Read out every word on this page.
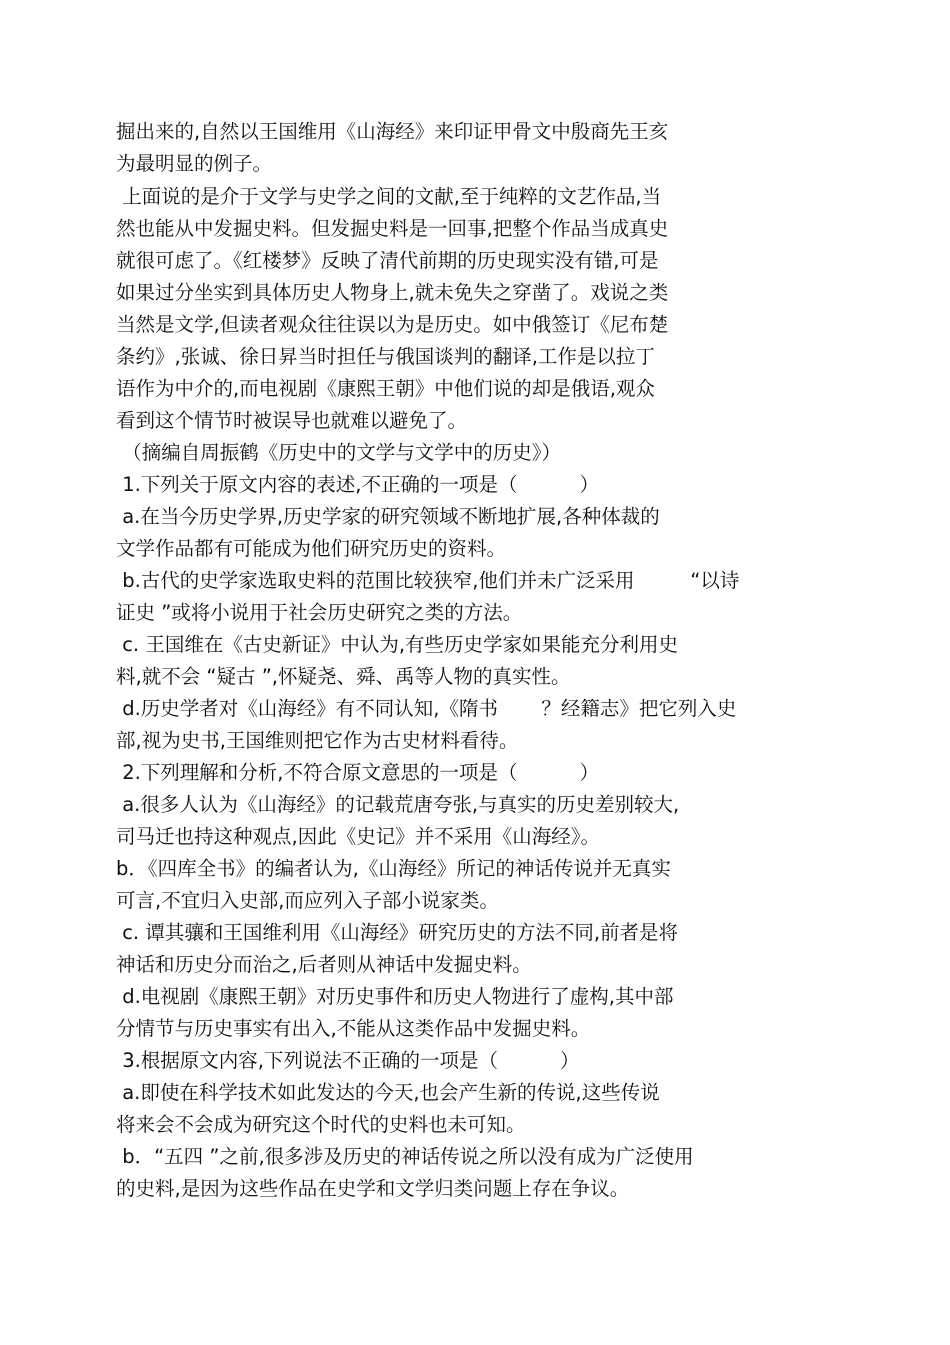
掘出来的,自然以王国维用《山海经》来印证甲骨文中殷商先王亥
为最明显的例子。
上面说的是介于文学与史学之间的文献,至于纯粹的文艺作品,当
然也能从中发掘史料。但发掘史料是一回事,把整个作品当成真史
就很可虑了。《红楼梦》反映了清代前期的历史现实没有错,可是
如果过分坐实到具体历史人物身上,就未免失之穿凿了。戏说之类
当然是文学,但读者观众往往误以为是历史。如中俄签订《尼布楚
条约》,张诚、徐日昇当时担任与俄国谈判的翻译,工作是以拉丁
语作为中介的,而电视剧《康熙王朝》中他们说的却是俄语,观众
看到这个情节时被误导也就难以避免了。
（摘编自周振鹤《历史中的文学与文学中的历史》）
1.下列关于原文内容的表述,不正确的一项是（          ）
a.在当今历史学界,历史学家的研究领域不断地扩展,各种体裁的
文学作品都有可能成为他们研究历史的资料。
b.古代的史学家选取史料的范围比较狭窄,他们并未广泛采用         “以诗
证史 ”或将小说用于社会历史研究之类的方法。
c. 王国维在《古史新证》中认为,有些历史学家如果能充分利用史
料,就不会 “疑古 ”,怀疑尧、舜、禹等人物的真实性。
d.历史学者对《山海经》有不同认知,《隋书       ？经籍志》把它列入史
部,视为史书,王国维则把它作为古史材料看待。
2.下列理解和分析,不符合原文意思的一项是（          ）
a.很多人认为《山海经》的记载荒唐夸张,与真实的历史差别较大,
司马迁也持这种观点,因此《史记》并不采用《山海经》。
b．《四库全书》的编者认为,《山海经》所记的神话传说并无真实
可言,不宜归入史部,而应列入子部小说家类。
c. 谭其骧和王国维利用《山海经》研究历史的方法不同,前者是将
神话和历史分而治之,后者则从神话中发掘史料。
d.电视剧《康熙王朝》对历史事件和历史人物进行了虚构,其中部
分情节与历史事实有出入,不能从这类作品中发掘史料。
3.根据原文内容,下列说法不正确的一项是（          ）
a.即使在科学技术如此发达的今天,也会产生新的传说,这些传说
将来会不会成为研究这个时代的史料也未可知。
b．“五四 ”之前,很多涉及历史的神话传说之所以没有成为广泛使用
的史料,是因为这些作品在史学和文学归类问题上存在争议。
